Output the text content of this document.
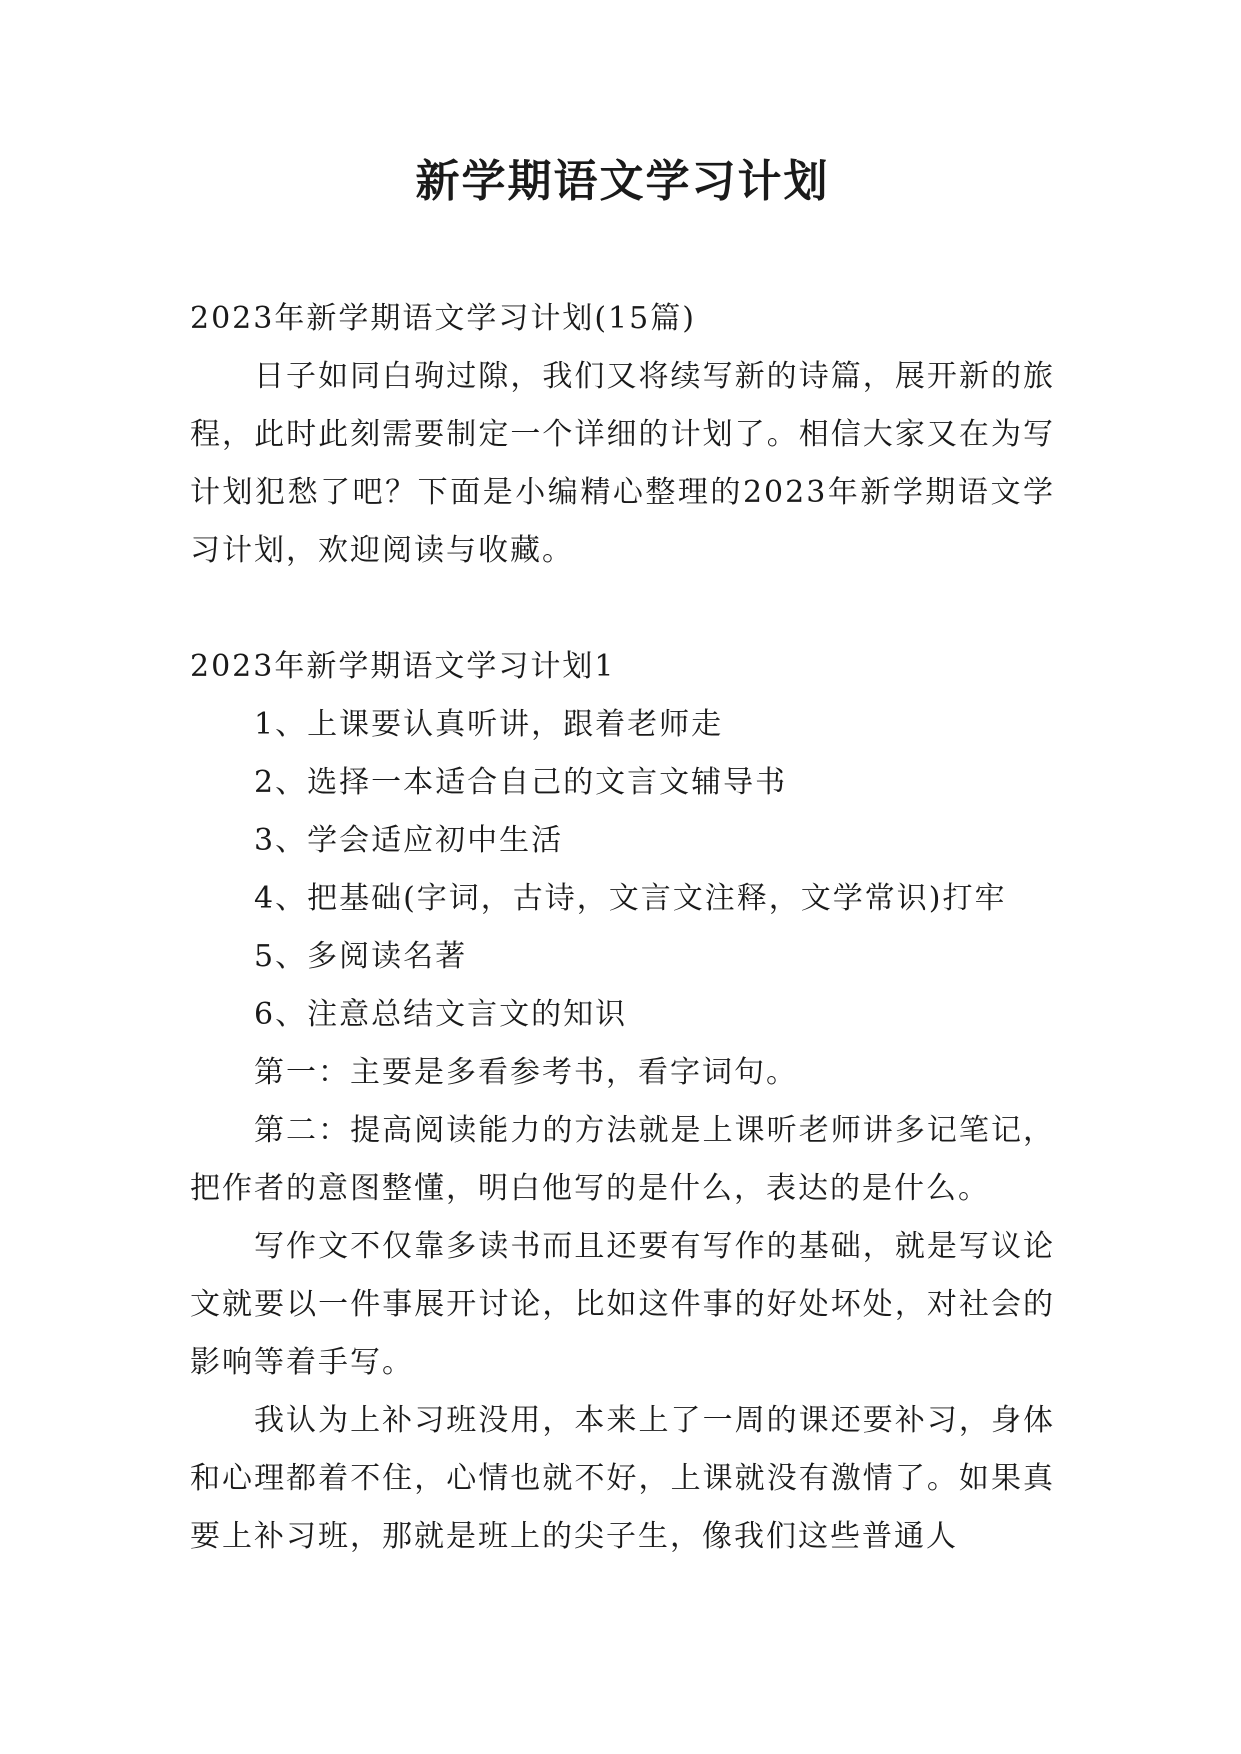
新学期语文学习计划

2023年新学期语文学习计划(15篇)

日子如同白驹过隙，我们又将续写新的诗篇，展开新的旅程，此时此刻需要制定一个详细的计划了。相信大家又在为写计划犯愁了吧？下面是小编精心整理的2023年新学期语文学习计划，欢迎阅读与收藏。

2023年新学期语文学习计划1

1、上课要认真听讲，跟着老师走

2、选择一本适合自己的文言文辅导书

3、学会适应初中生活

4、把基础(字词，古诗，文言文注释，文学常识)打牢

5、多阅读名著

6、注意总结文言文的知识

第一：主要是多看参考书，看字词句。

第二：提高阅读能力的方法就是上课听老师讲多记笔记，把作者的意图整懂，明白他写的是什么，表达的是什么。

写作文不仅靠多读书而且还要有写作的基础，就是写议论文就要以一件事展开讨论，比如这件事的好处坏处，对社会的影响等着手写。

我认为上补习班没用，本来上了一周的课还要补习，身体和心理都着不住，心情也就不好，上课就没有激情了。如果真要上补习班，那就是班上的尖子生，像我们这些普通人
